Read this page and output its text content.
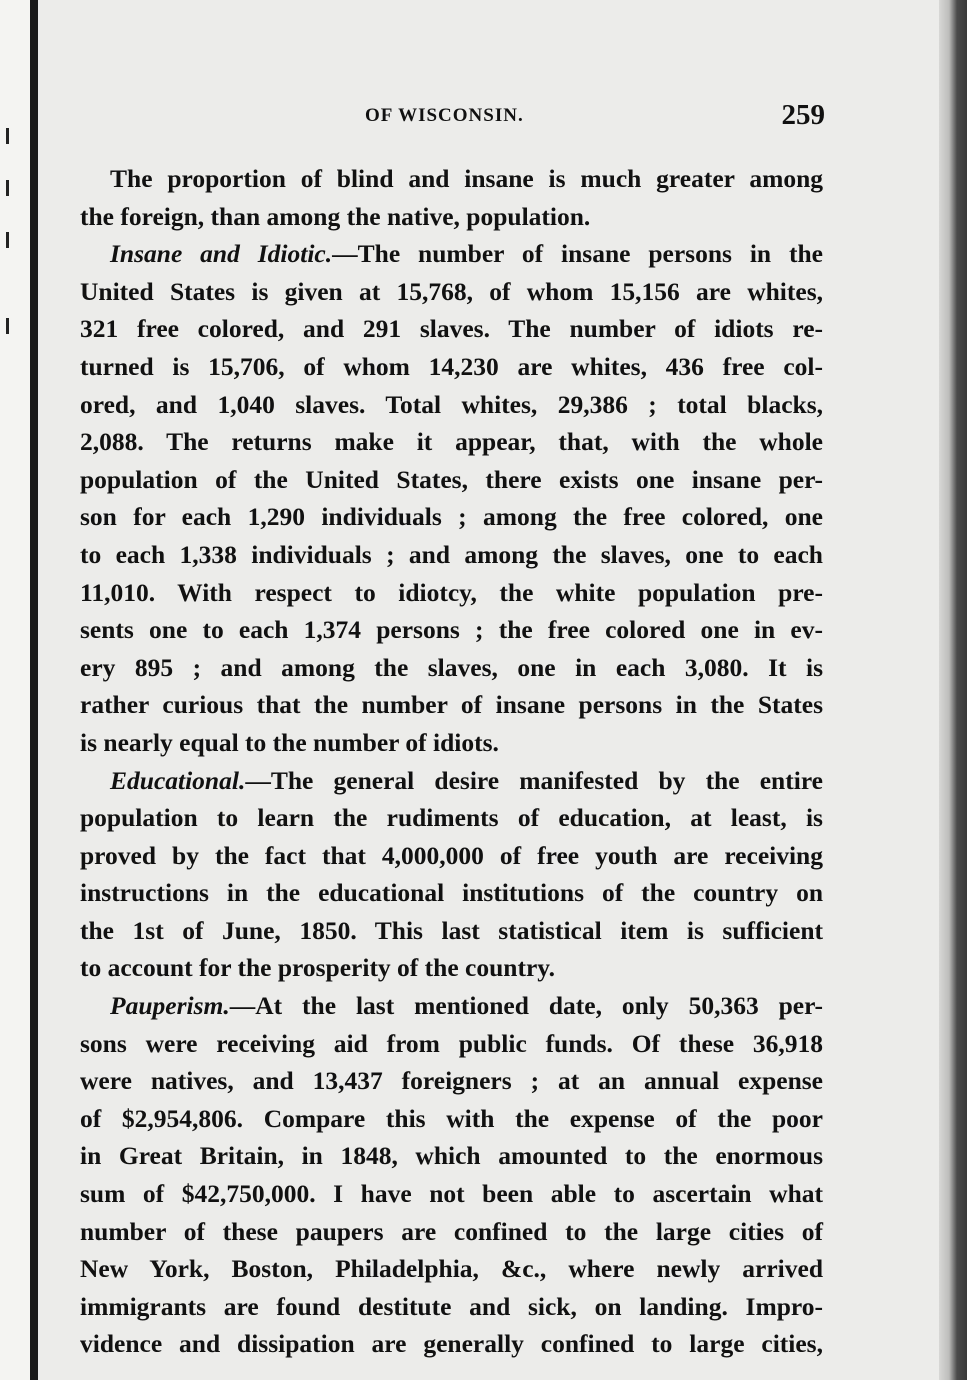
OF WISCONSIN.	259
The proportion of blind and insane is much greater among
the foreign, than among the native, population.
Insane and Idiotic.—The number of insane persons in the
United States is given at 15,768, of whom 15,156 are whites,
321 free colored, and 291 slaves. The number of idiots re-
turned is 15,706, of whom 14,230 are whites, 436 free col-
ored, and 1,040 slaves. Total whites, 29,386 ; total blacks,
2,088. The returns make it appear, that, with the whole
population of the United States, there exists one insane per-
son for each 1,290 individuals ; among the free colored, one
to each 1,338 individuals ; and among the slaves, one to each
11,010. With respect to idiotcy, the white population pre-
sents one to each 1,374 persons ; the free colored one in ev-
ery 895 ; and among the slaves, one in each 3,080. It is
rather curious that the number of insane persons in the States
is nearly equal to the number of idiots.
Educational.—The general desire manifested by the entire
population to learn the rudiments of education, at least, is
proved by the fact that 4,000,000 of free youth are receiving
instructions in the educational institutions of the country on
the 1st of June, 1850. This last statistical item is sufficient
to account for the prosperity of the country.
Pauperism.—At the last mentioned date, only 50,363 per-
sons were receiving aid from public funds. Of these 36,918
were natives, and 13,437 foreigners ; at an annual expense
of $2,954,806. Compare this with the expense of the poor
in Great Britain, in 1848, which amounted to the enormous
sum of $42,750,000. I have not been able to ascertain what
number of these paupers are confined to the large cities of
New York, Boston, Philadelphia, &c., where newly arrived
immigrants are found destitute and sick, on landing. Impro-
vidence and dissipation are generally confined to large cities,
